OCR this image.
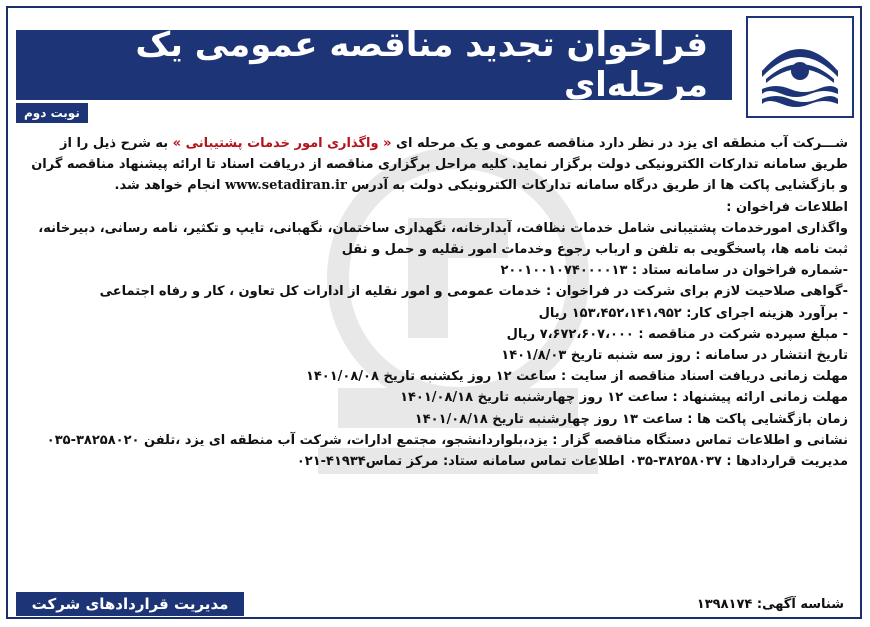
فراخوان تجدید مناقصه عمومی یک مرحله‌ای
نوبت دوم

شـــرکت آب منطقه ای یزد در نظر دارد مناقصه عمومی و یک مرحله ای « واگذاری امور خدمات پشتیبانی » به شرح ذیل را از

طریق سامانه تدارکات الکترونیکی دولت برگزار نماید. کلیه مراحل برگزاری مناقصه از دریافت اسناد تا ارائه پیشنهاد مناقصه گران

و بازگشایی پاکت ها از طریق درگاه سامانه تدارکات الکترونیکی دولت به آدرس www.setadiran.ir انجام خواهد شد.

اطلاعات فراخوان :

واگذاری امورخدمات پشتیبانی شامل خدمات نظافت، آبدارخانه، نگهداری ساختمان، نگهبانی، تایپ و تکثیر، نامه رسانی، دبیرخانه،

ثبت نامه ها، پاسخگویی به تلفن و ارباب رجوع وخدمات امور نقلیه و حمل و نقل

-شماره فراخوان در سامانه ستاد : ۲۰۰۱۰۰۱۰۷۴۰۰۰۰۱۳

-گواهی صلاحیت لازم برای شرکت در فراخوان : خدمات عمومی و امور نقلیه از ادارات کل تعاون ، کار و رفاه اجتماعی

- برآورد هزینه اجرای کار: ۱۵۳،۴۵۲،۱۴۱،۹۵۲ ریال

- مبلغ سپرده شرکت در مناقصه : ۷،۶۷۲،۶۰۷،۰۰۰ ریال

تاریخ انتشار در سامانه : روز سه شنبه تاریخ ۱۴۰۱/۸/۰۳

مهلت زمانی دریافت اسناد مناقصه از سایت : ساعت ۱۲ روز یکشنبه تاریخ ۱۴۰۱/۰۸/۰۸

مهلت زمانی ارائه پیشنهاد : ساعت ۱۲ روز چهارشنبه تاریخ ۱۴۰۱/۰۸/۱۸

زمان بازگشایی پاکت ها : ساعت ۱۳ روز چهارشنبه تاریخ ۱۴۰۱/۰۸/۱۸

نشانی و اطلاعات تماس دستگاه مناقصه گزار : یزد،بلواردانشجو، مجتمع ادارات، شرکت آب منطقه ای یزد ،تلفن ۳۸۲۵۸۰۲۰-۰۳۵

مدیریت قراردادها : ۳۸۲۵۸۰۳۷-۰۳۵ اطلاعات تماس سامانه ستاد: مرکز تماس۴۱۹۳۴-۰۲۱

مدیریت قراردادهای شرکت	شناسه آگهی: ۱۳۹۸۱۷۴
